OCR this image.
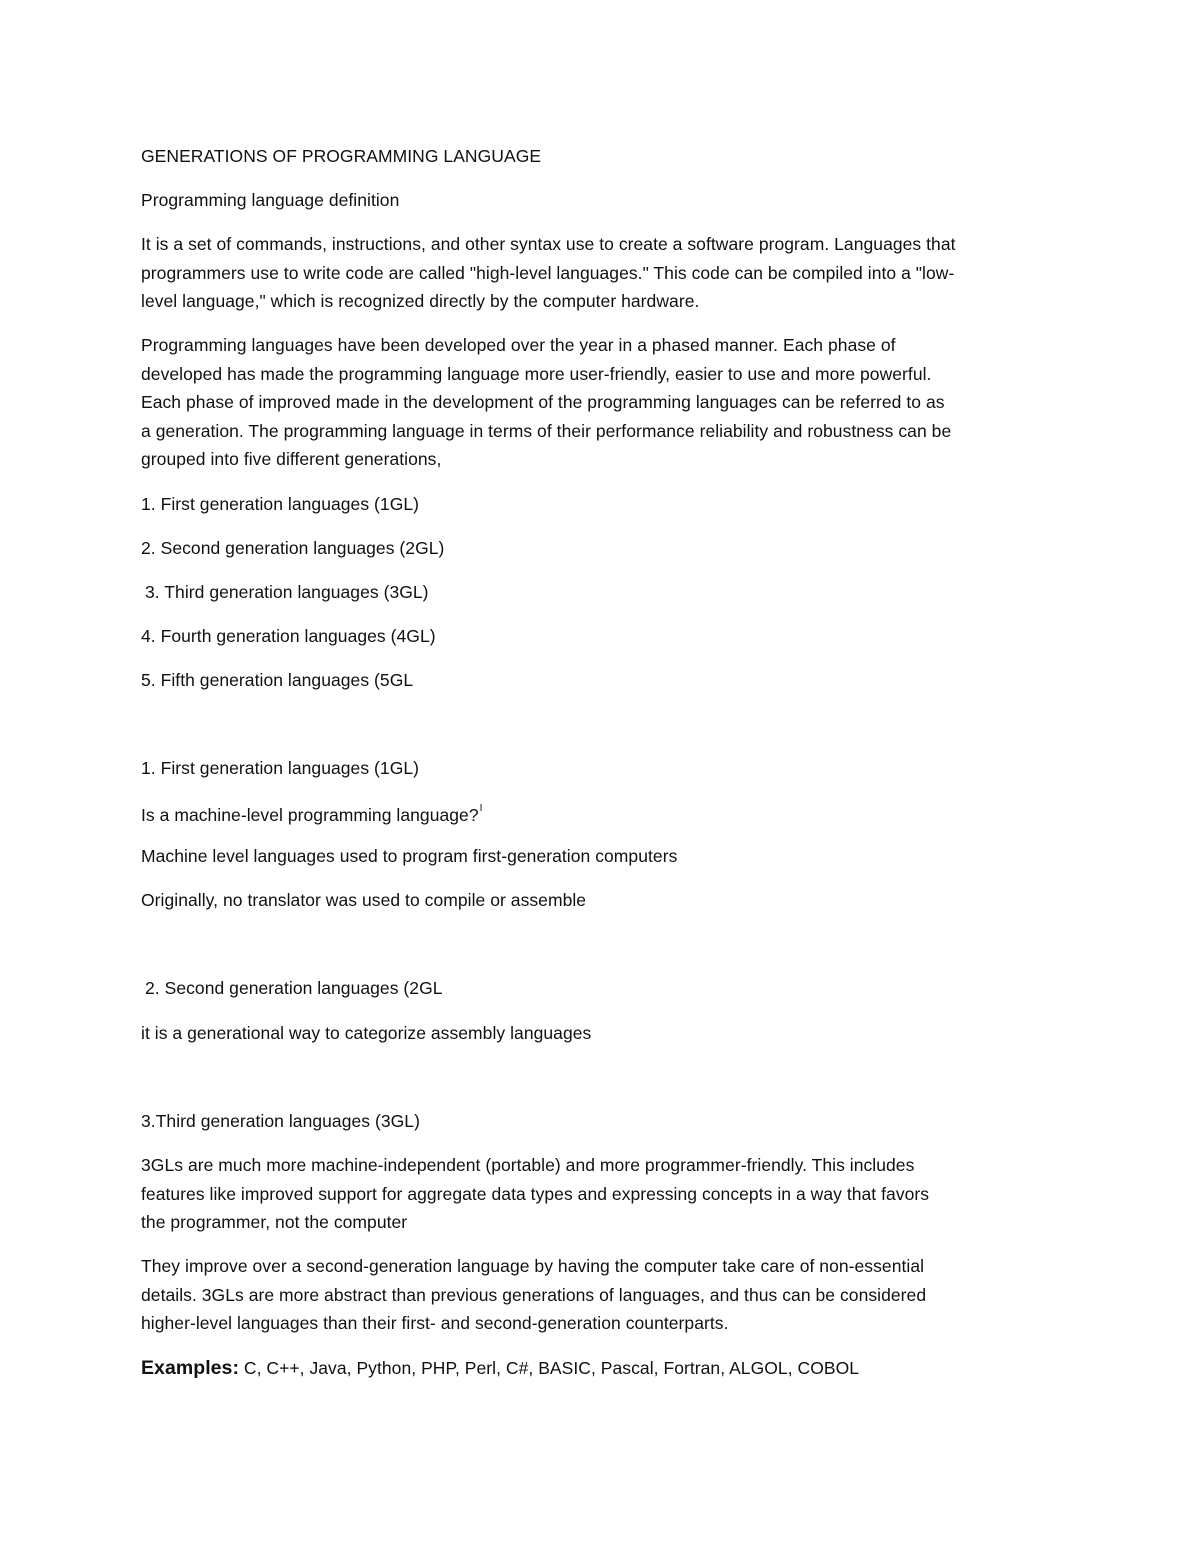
GENERATIONS OF PROGRAMMING LANGUAGE
Programming language definition
It is a set of commands, instructions, and other syntax use to create a software program. Languages that
programmers use to write code are called "high-level languages." This code can be compiled into a "low-
level language," which is recognized directly by the computer hardware.
Programming languages have been developed over the year in a phased manner. Each phase of
developed has made the programming language more user-friendly, easier to use and more powerful.
Each phase of improved made in the development of the programming languages can be referred to as
a generation. The programming language in terms of their performance reliability and robustness can be
grouped into five different generations,
1. First generation languages (1GL)
2. Second generation languages (2GL)
3. Third generation languages (3GL)
4. Fourth generation languages (4GL)
5. Fifth generation languages (5GL
1. First generation languages (1GL)
Is a machine-level programming language?$^I$
Machine level languages used to program first-generation computers
Originally, no translator was used to compile or assemble
2. Second generation languages (2GL
it is a generational way to categorize assembly languages
3.Third generation languages (3GL)
3GLs are much more machine-independent (portable) and more programmer-friendly. This includes
features like improved support for aggregate data types and expressing concepts in a way that favors
the programmer, not the computer
They improve over a second-generation language by having the computer take care of non-essential
details. 3GLs are more abstract than previous generations of languages, and thus can be considered
higher-level languages than their first- and second-generation counterparts.
Examples: C, C++, Java, Python, PHP, Perl, C#, BASIC, Pascal, Fortran, ALGOL, COBOL
